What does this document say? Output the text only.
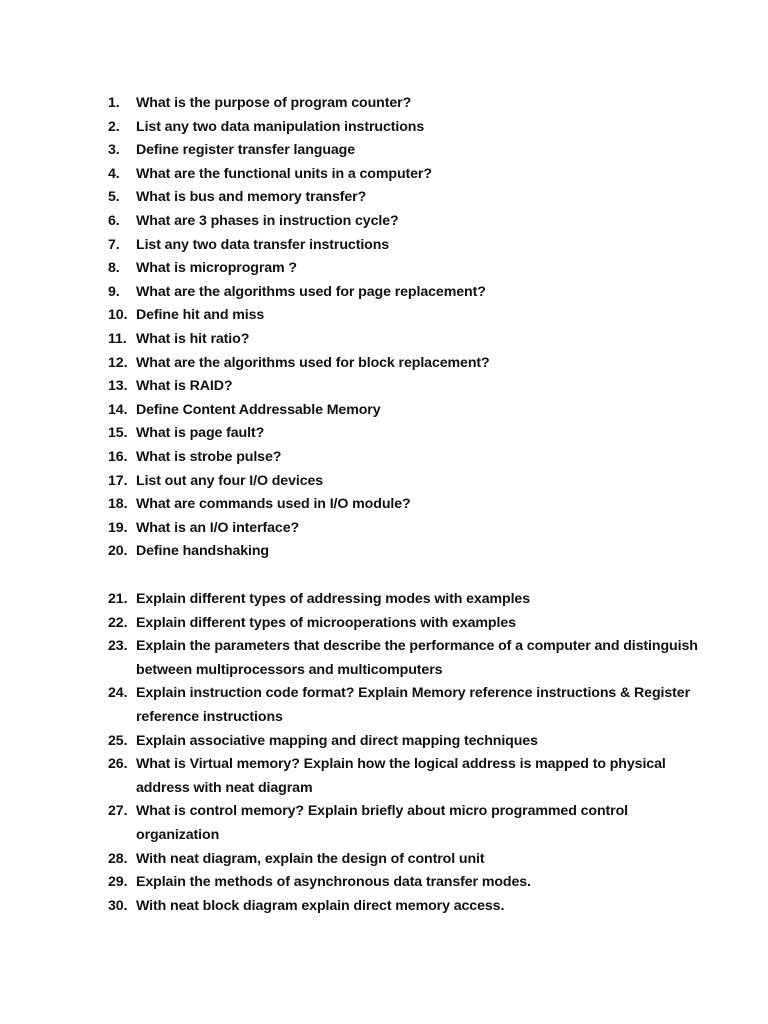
1.	What is the purpose of program counter?
2.	List any two data manipulation instructions
3.	Define register transfer language
4.	What are the functional units in a computer?
5.	What is bus and memory transfer?
6.	What are 3 phases in instruction cycle?
7.	List any two data transfer instructions
8.	What is microprogram ?
9.	What are the algorithms used for page replacement?
10. Define hit and miss
11. What is hit ratio?
12. What are the algorithms used for block replacement?
13. What is RAID?
14. Define Content Addressable Memory
15. What is page fault?
16. What is strobe pulse?
17. List out any four I/O devices
18. What are commands used in I/O module?
19. What is an I/O interface?
20. Define handshaking
21. Explain different types of addressing modes with examples
22. Explain different types of microoperations with examples
23. Explain the parameters that describe the performance of a computer and distinguish between multiprocessors and multicomputers
24. Explain instruction code format? Explain Memory reference instructions & Register reference instructions
25. Explain associative mapping and direct mapping techniques
26. What is Virtual memory? Explain how the logical address is mapped to physical address with neat diagram
27. What is control memory? Explain briefly about micro programmed control organization
28. With neat diagram, explain the design of control unit
29. Explain the methods of asynchronous data transfer modes.
30. With neat block diagram explain direct memory access.
